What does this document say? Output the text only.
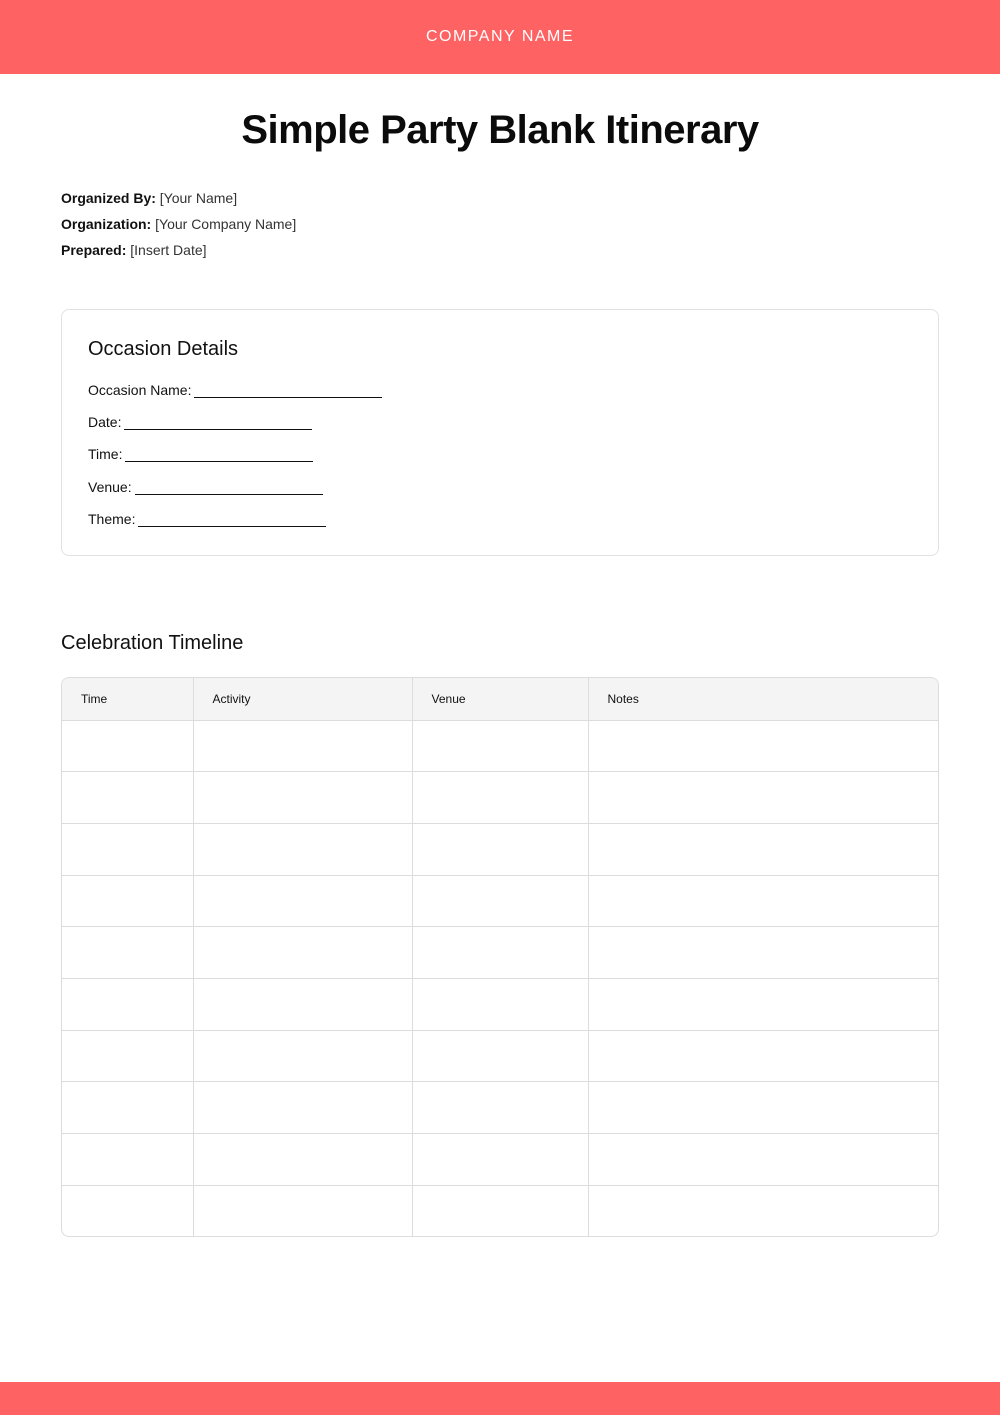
COMPANY NAME
Simple Party Blank Itinerary
Organized By: [Your Name]
Organization: [Your Company Name]
Prepared: [Insert Date]
Occasion Details
Occasion Name:
Date:
Time:
Venue:
Theme:
Celebration Timeline
Time	Activity	Venue	Notes
